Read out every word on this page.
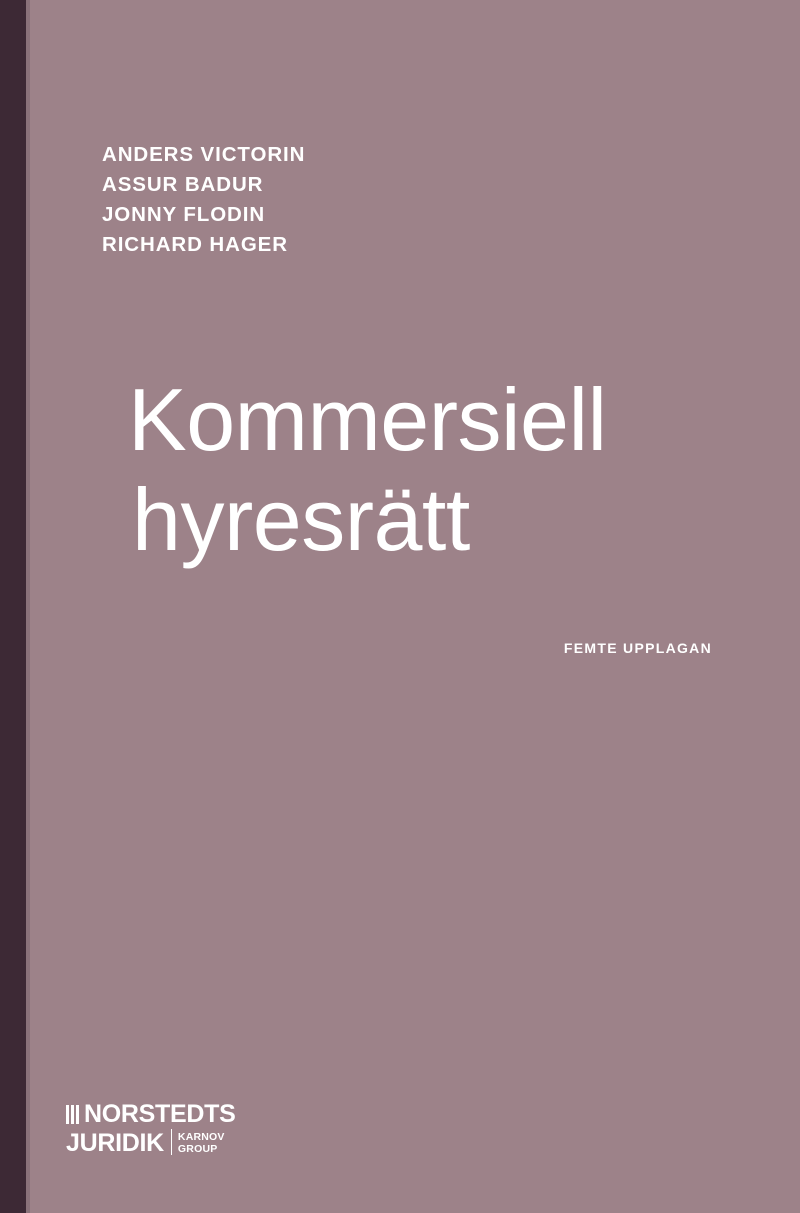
ANDERS VICTORIN
ASSUR BADUR
JONNY FLODIN
RICHARD HAGER
Kommersiell
hyresrätt
FEMTE UPPLAGAN
NORSTEDTS
JURIDIK KARNOV
GROUP
